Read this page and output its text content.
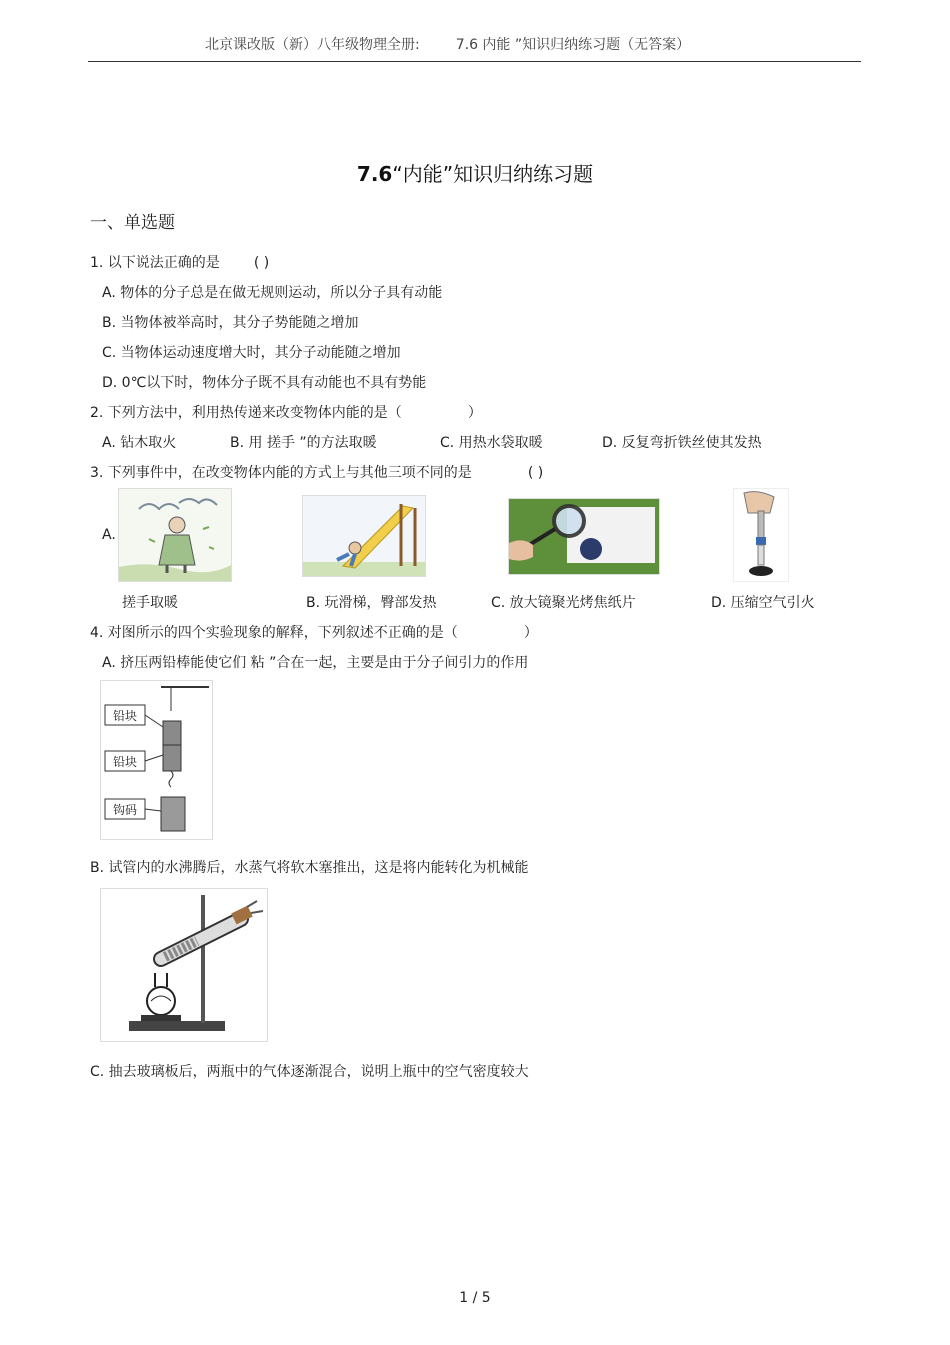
北京课改版（新）八年级物理全册:	7.6 内能 ”知识归纳练习题（无答案）
7.6“内能”知识归纳练习题
一、单选题
1. 以下说法正确的是 ( )
A. 物体的分子总是在做无规则运动，所以分子具有动能
B. 当物体被举高时，其分子势能随之增加
C. 当物体运动速度增大时，其分子动能随之增加
D. 0℃以下时，物体分子既不具有动能也不具有势能
2. 下列方法中，利用热传递来改变物体内能的是（	）
A. 钻木取火	B. 用 搓手 ”的方法取暖	C. 用热水袋取暖	D. 反复弯折铁丝使其发热
3. 下列事件中，在改变物体内能的方式上与其他三项不同的是	( )
A.
搓手取暖	B. 玩滑梯，臀部发热	C. 放大镜聚光烤焦纸片	D. 压缩空气引火
4. 对图所示的四个实验现象的解释，下列叙述不正确的是（	）
A. 挤压两铅棒能使它们 粘 ”合在一起，主要是由于分子间引力的作用
铅块
铅块
钩码
B. 试管内的水沸腾后，水蒸气将软木塞推出，这是将内能转化为机械能
C. 抽去玻璃板后，两瓶中的气体逐渐混合，说明上瓶中的空气密度较大
1 / 5
